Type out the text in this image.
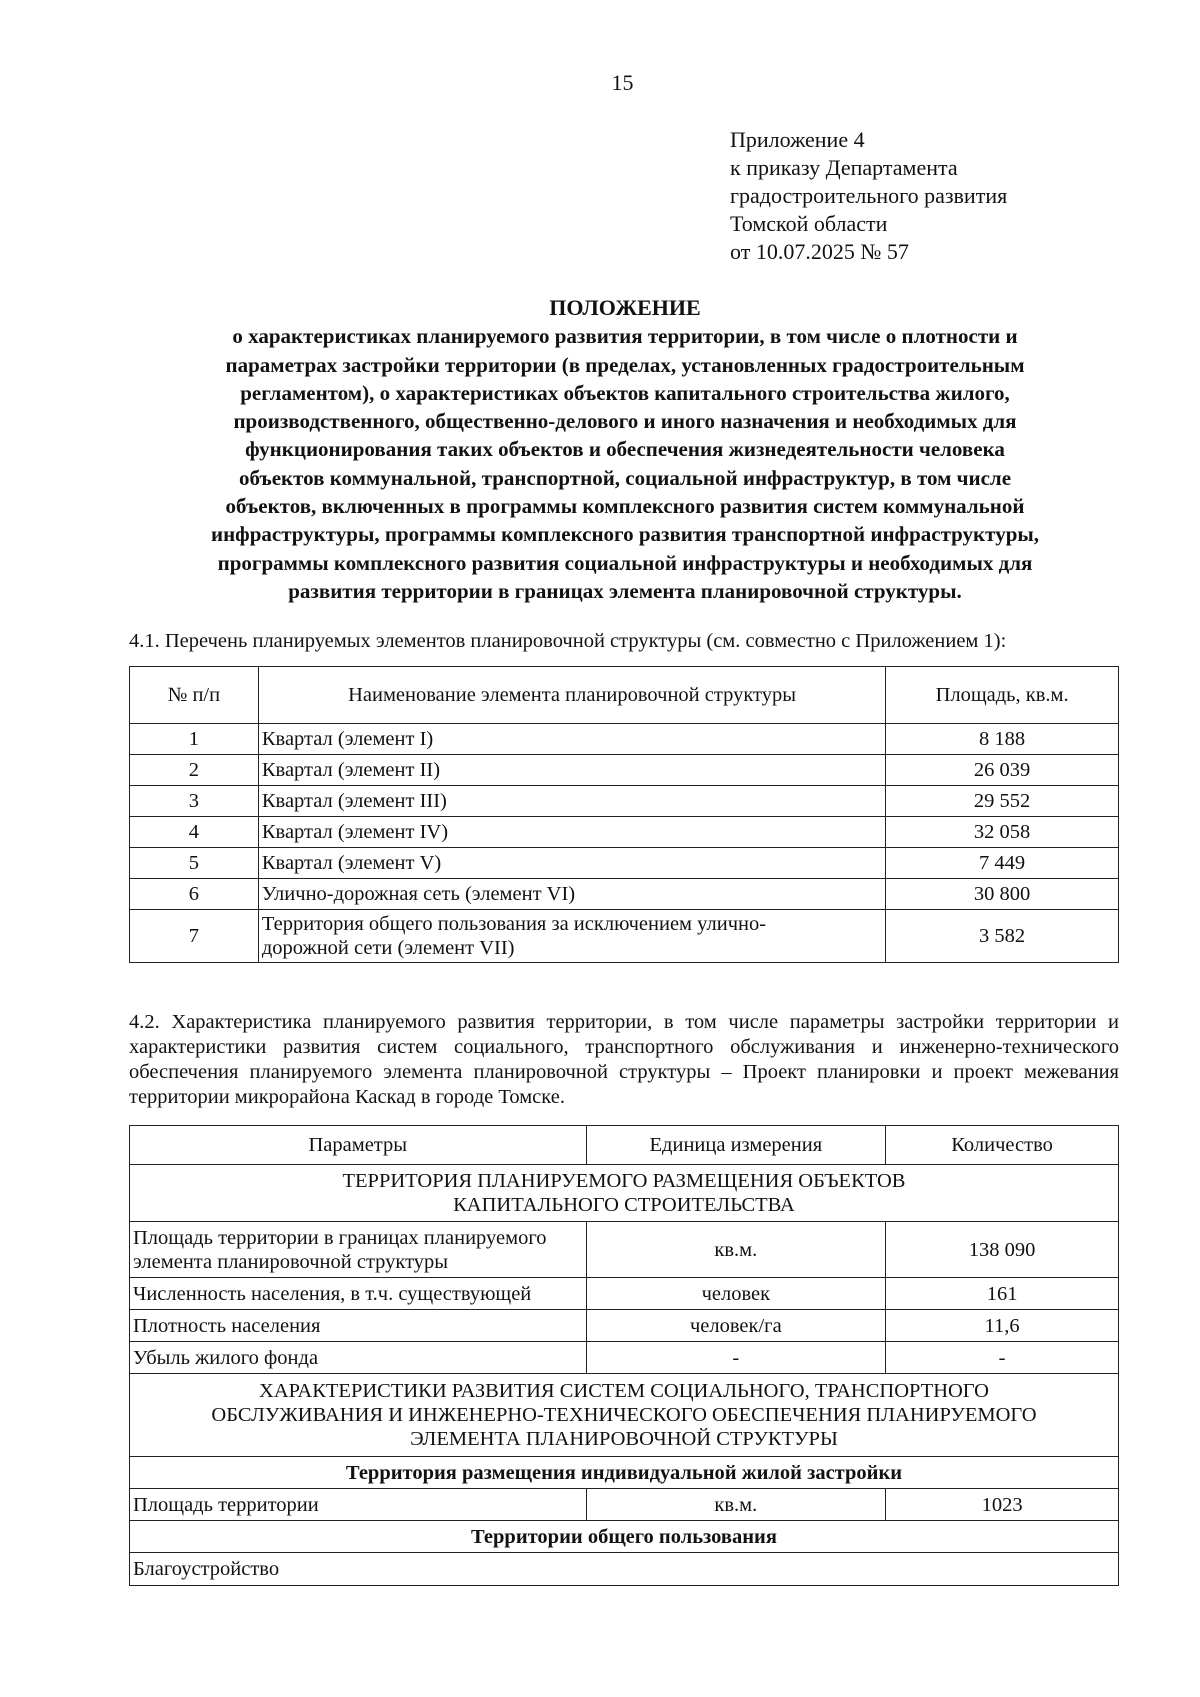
15
Приложение 4
к приказу Департамента
градостроительного развития
Томской области
от 10.07.2025 № 57
ПОЛОЖЕНИЕ
о характеристиках планируемого развития территории, в том числе о плотности и
параметрах застройки территории (в пределах, установленных градостроительным
регламентом), о характеристиках объектов капитального строительства жилого,
производственного, общественно-делового и иного назначения и необходимых для
функционирования таких объектов и обеспечения жизнедеятельности человека
объектов коммунальной, транспортной, социальной инфраструктур, в том числе
объектов, включенных в программы комплексного развития систем коммунальной
инфраструктуры, программы комплексного развития транспортной инфраструктуры,
программы комплексного развития социальной инфраструктуры и необходимых для
развития территории в границах элемента планировочной структуры.
4.1. Перечень планируемых элементов планировочной структуры (см. совместно с Приложением 1):
№ п/п	Наименование элемента планировочной структуры	Площадь, кв.м.
1	Квартал (элемент I)	8 188
2	Квартал (элемент II)	26 039
3	Квартал (элемент III)	29 552
4	Квартал (элемент IV)	32 058
5	Квартал (элемент V)	7 449
6	Улично-дорожная сеть (элемент VI)	30 800
7	Территория общего пользования за исключением улично-
дорожной сети (элемент VII)	3 582
4.2. Характеристика планируемого развития территории, в том числе параметры застройки территории и характеристики развития систем социального, транспортного обслуживания и инженерно-технического обеспечения планируемого элемента планировочной структуры – Проект планировки и проект межевания территории микрорайона Каскад в городе Томске.
Параметры	Единица измерения	Количество

ТЕРРИТОРИЯ ПЛАНИРУЕМОГО РАЗМЕЩЕНИЯ ОБЪЕКТОВ
КАПИТАЛЬНОГО СТРОИТЕЛЬСТВА		

Площадь территории в границах планируемого
элемента планировочной структуры	кв.м.	138 090
Численность населения, в т.ч. существующей	человек	161
Плотность населения	человек/га	11,6
Убыль жилого фонда	-	-

ХАРАКТЕРИСТИКИ РАЗВИТИЯ СИСТЕМ СОЦИАЛЬНОГО, ТРАНСПОРТНОГО
ОБСЛУЖИВАНИЯ И ИНЖЕНЕРНО-ТЕХНИЧЕСКОГО ОБЕСПЕЧЕНИЯ ПЛАНИРУЕМОГО
ЭЛЕМЕНТА ПЛАНИРОВОЧНОЙ СТРУКТУРЫ		

Территория размещения индивидуальной жилой застройки		
Площадь территории	кв.м.	1023
Территории общего пользования		
Благоустройство		
